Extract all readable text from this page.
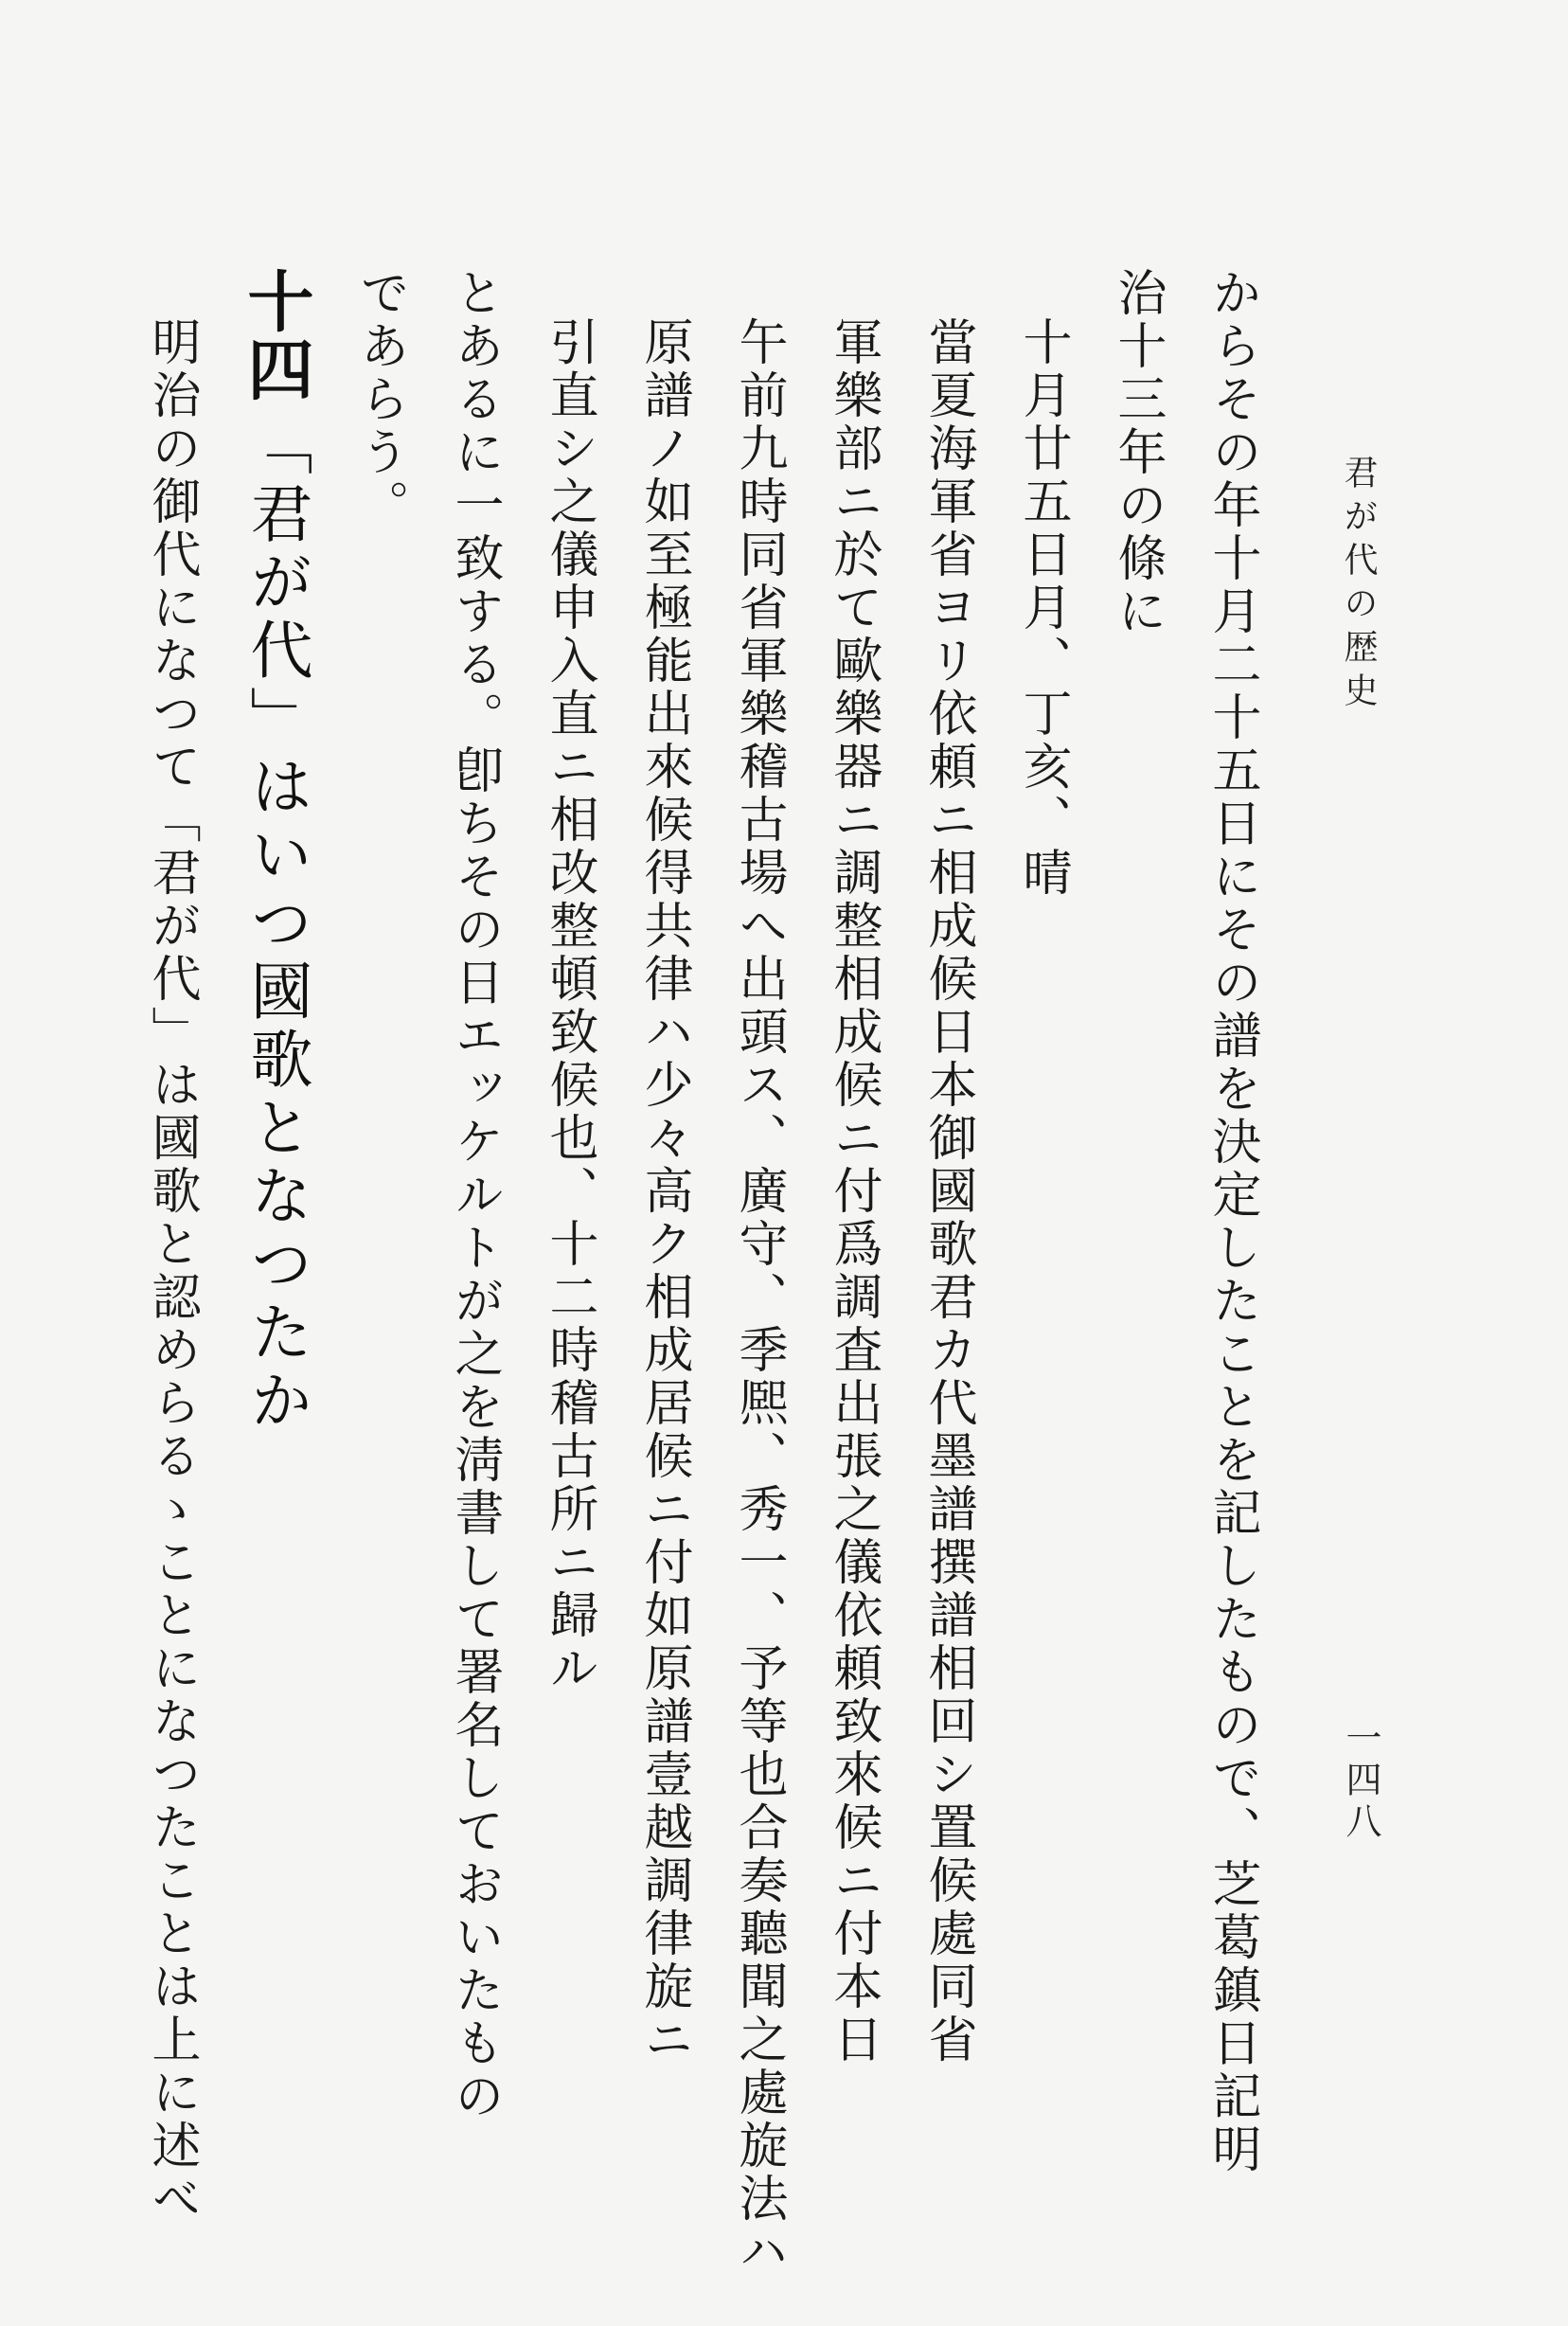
君が代の歴史
一四八
からその年十月二十五日にその譜を決定したことを記したもので、芝葛鎮日記明
治十三年の條に
十月廿五日月、丁亥、晴
當夏海軍省ヨリ依頼ニ相成候日本御國歌君カ代墨譜撰譜相回シ置候處同省
軍樂部ニ於て歐樂器ニ調整相成候ニ付爲調査出張之儀依頼致來候ニ付本日
午前九時同省軍樂稽古場へ出頭ス、廣守、季熈、秀一、予等也合奏聽聞之處旋法ハ
原譜ノ如至極能出來候得共律ハ少々高ク相成居候ニ付如原譜壹越調律旋ニ
引直シ之儀申入直ニ相改整頓致候也、十二時稽古所ニ歸ル
とあるに一致する。卽ちその日エッケルトが之を淸書して署名しておいたもの
であらう。
十四「君が代」はいつ國歌となつたか
明治の御代になつて「君が代」は國歌と認めらるゝことになつたことは上に述べ
